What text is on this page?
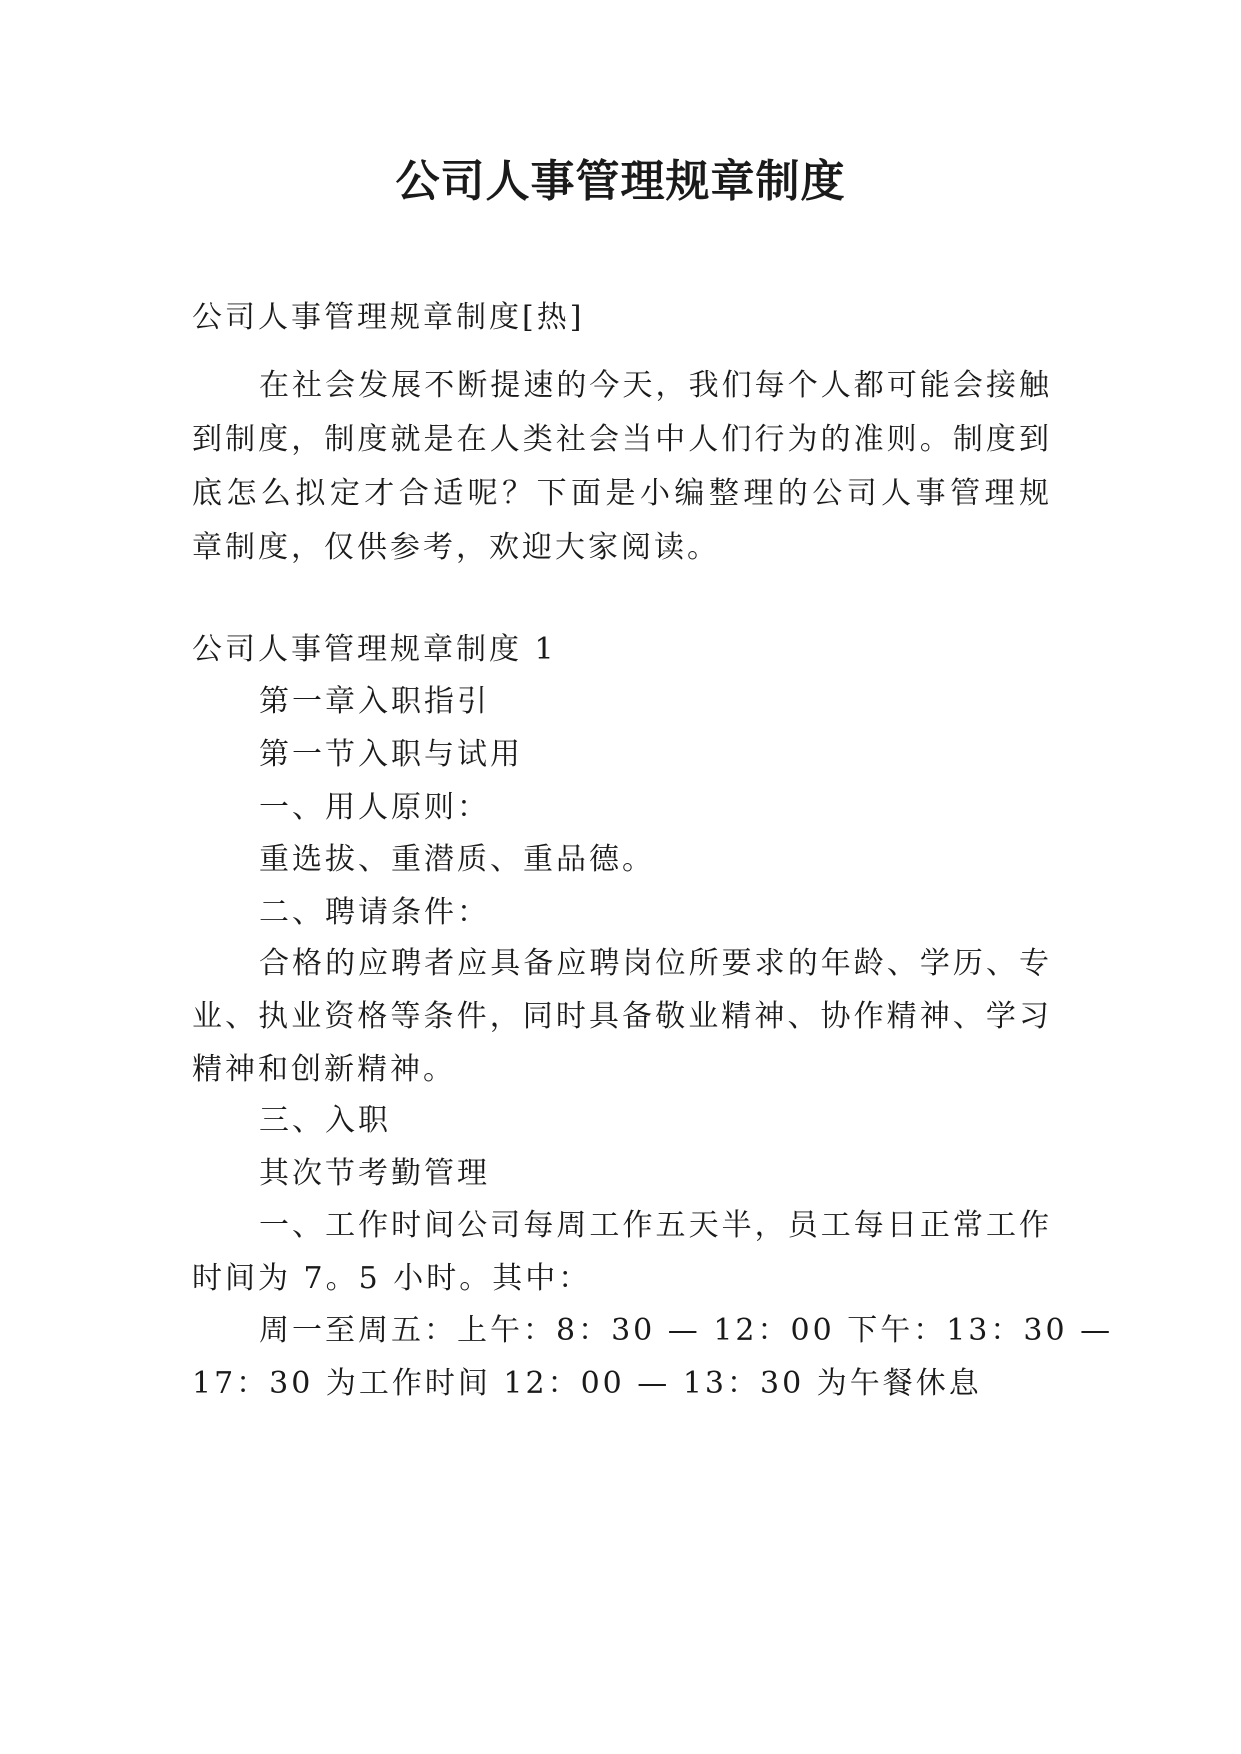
公司人事管理规章制度

公司人事管理规章制度[热]

在社会发展不断提速的今天，我们每个人都可能会接触

到制度，制度就是在人类社会当中人们行为的准则。制度到

底怎么拟定才合适呢？下面是小编整理的公司人事管理规

章制度，仅供参考，欢迎大家阅读。

公司人事管理规章制度 1

第一章入职指引

第一节入职与试用

一、用人原则：

重选拔、重潜质、重品德。

二、聘请条件：

合格的应聘者应具备应聘岗位所要求的年龄、学历、专

业、执业资格等条件，同时具备敬业精神、协作精神、学习

精神和创新精神。

三、入职

其次节考勤管理

一、工作时间公司每周工作五天半，员工每日正常工作

时间为 7。5 小时。其中：

周一至周五：上午：8：30 — 12：00 下午：13：30 —

17：30 为工作时间 12：00 — 13：30 为午餐休息
